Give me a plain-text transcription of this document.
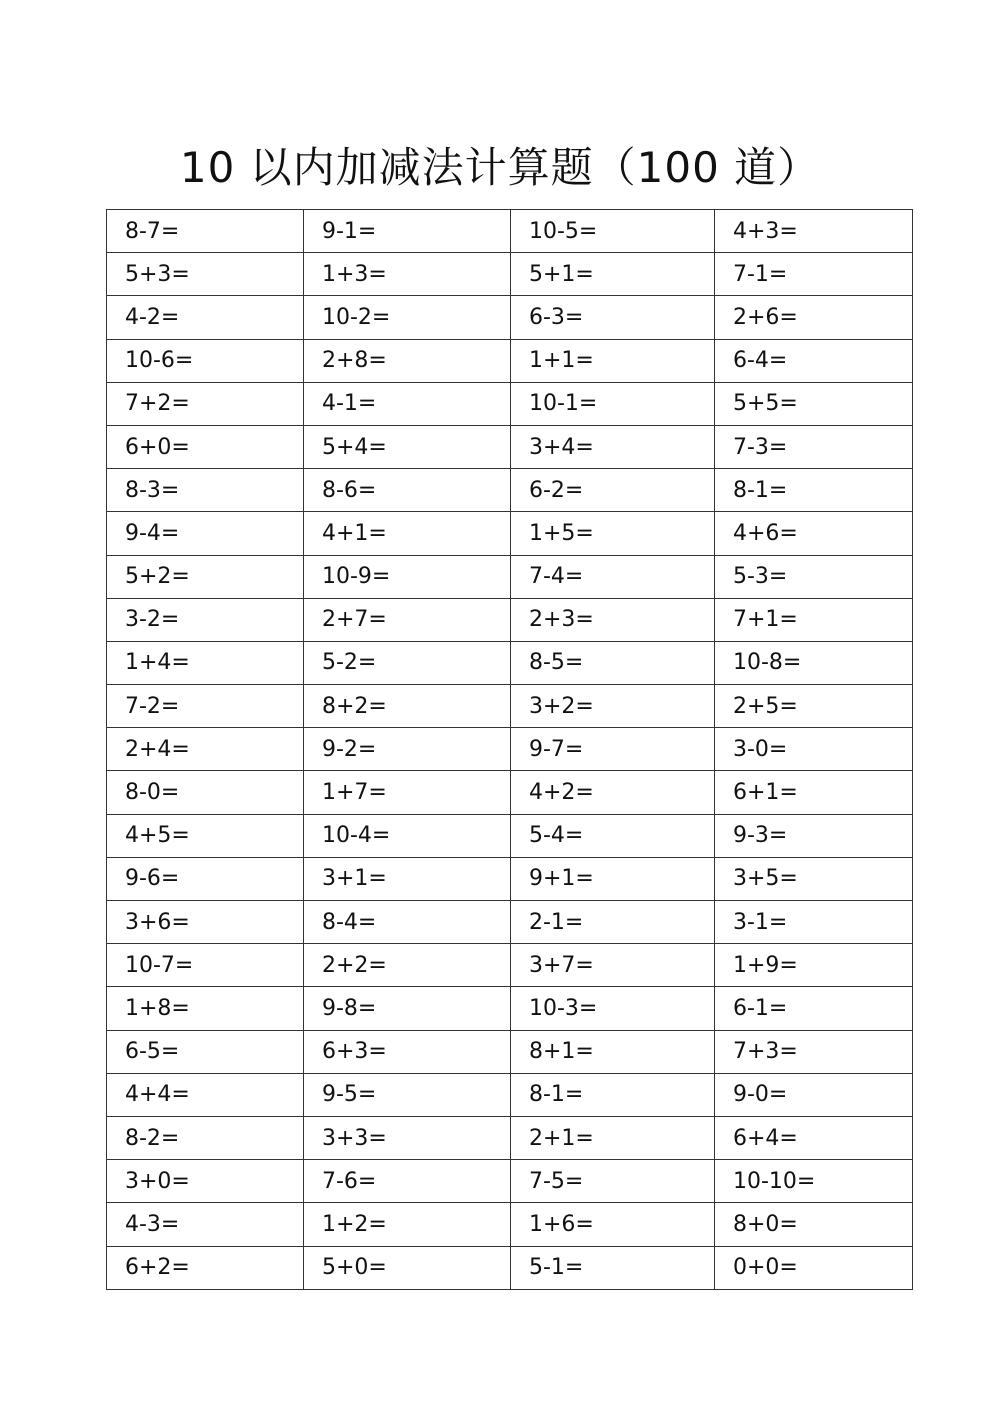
10 以内加减法计算题（100 道）
8-7=	9-1=	10-5=	4+3=
5+3=	1+3=	5+1=	7-1=
4-2=	10-2=	6-3=	2+6=
10-6=	2+8=	1+1=	6-4=
7+2=	4-1=	10-1=	5+5=
6+0=	5+4=	3+4=	7-3=
8-3=	8-6=	6-2=	8-1=
9-4=	4+1=	1+5=	4+6=
5+2=	10-9=	7-4=	5-3=
3-2=	2+7=	2+3=	7+1=
1+4=	5-2=	8-5=	10-8=
7-2=	8+2=	3+2=	2+5=
2+4=	9-2=	9-7=	3-0=
8-0=	1+7=	4+2=	6+1=
4+5=	10-4=	5-4=	9-3=
9-6=	3+1=	9+1=	3+5=
3+6=	8-4=	2-1=	3-1=
10-7=	2+2=	3+7=	1+9=
1+8=	9-8=	10-3=	6-1=
6-5=	6+3=	8+1=	7+3=
4+4=	9-5=	8-1=	9-0=
8-2=	3+3=	2+1=	6+4=
3+0=	7-6=	7-5=	10-10=
4-3=	1+2=	1+6=	8+0=
6+2=	5+0=	5-1=	0+0=
